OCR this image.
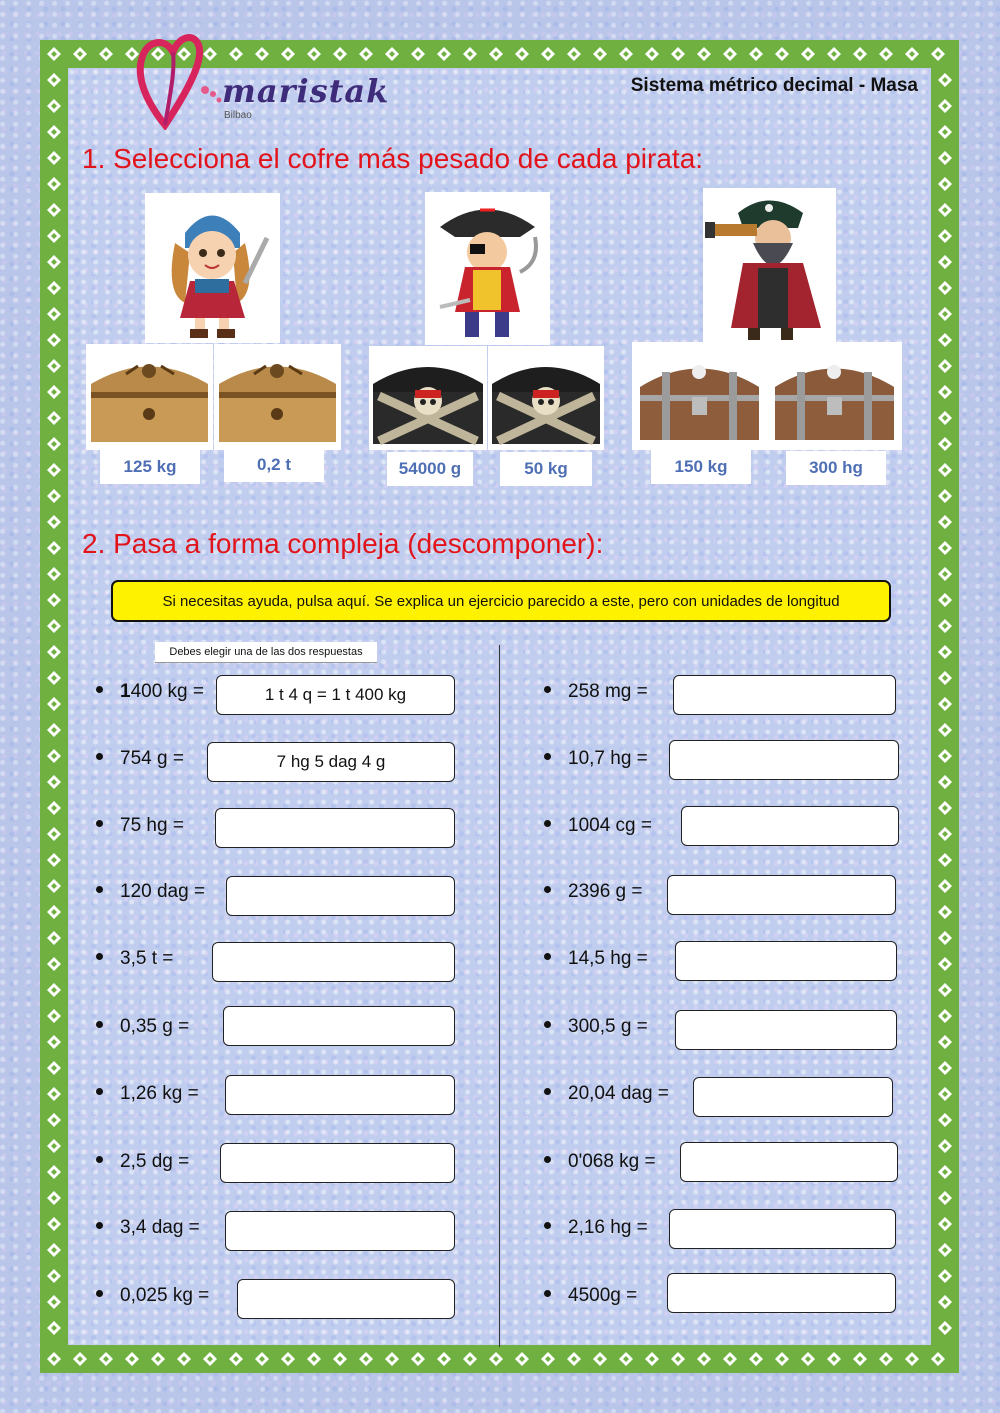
maristak
Bilbao
Sistema métrico decimal - Masa
1. Selecciona el cofre más pesado de cada pirata:
125 kg	0,2 t	54000 g	50 kg	150 kg	300 hg
2. Pasa a forma compleja (descomponer):
Si necesitas ayuda, pulsa aquí. Se explica un ejercicio parecido a este, pero con unidades de longitud
Debes elegir una de las dos respuestas
1400 kg =	1 t 4 q = 1 t 400 kg
754 g =	7 hg 5 dag 4 g
75 hg =
120 dag =
3,5 t =
0,35 g =
1,26 kg =
2,5 dg =
3,4 dag =
0,025 kg =
258 mg =
10,7 hg =
1004 cg =
2396 g =
14,5 hg =
300,5 g =
20,04 dag =
0'068 kg =
2,16 hg =
4500g =
